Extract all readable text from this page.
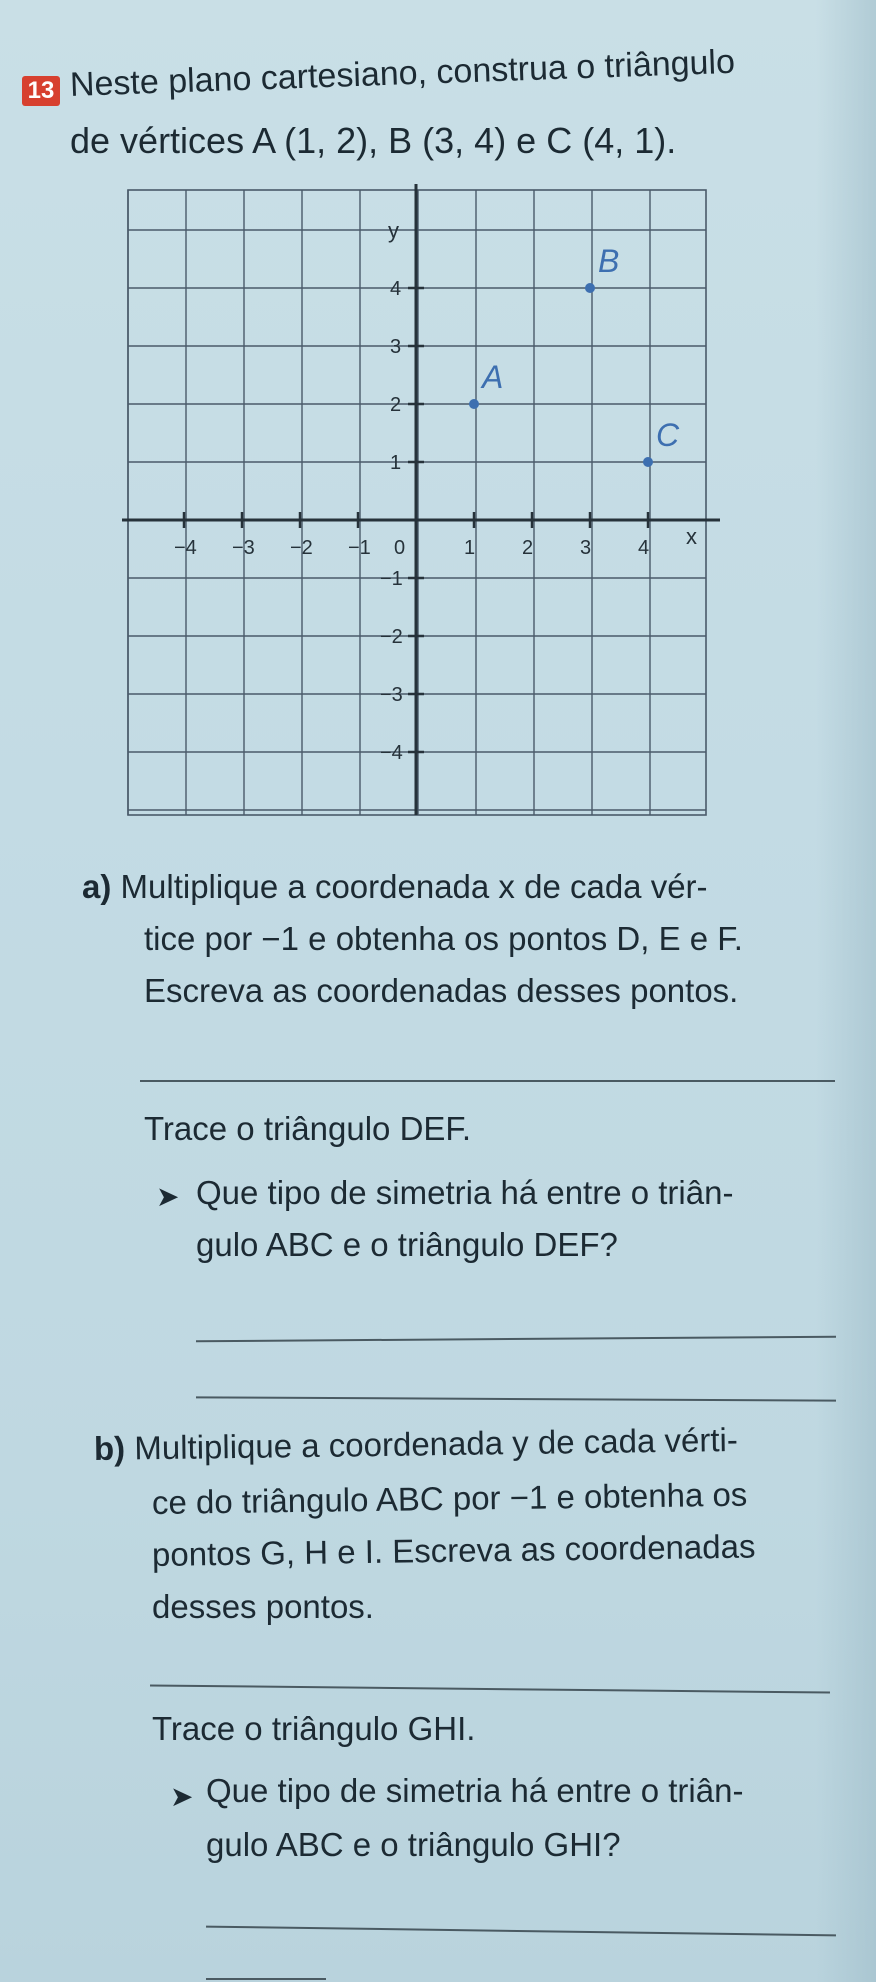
13 Neste plano cartesiano, construa o triângulo
de vértices A (1, 2), B (3, 4) e C (4, 1).
y
x
0
−4 −3 −2 −1	1 2 3 4
4
3
2
1
−1
−2
−3
−4
A
B
C
a) Multiplique a coordenada x de cada vér-
tice por −1 e obtenha os pontos D, E e F.
Escreva as coordenadas desses pontos.
Trace o triângulo DEF.
➤ Que tipo de simetria há entre o triân-
gulo ABC e o triângulo DEF?
b) Multiplique a coordenada y de cada vérti-
ce do triângulo ABC por −1 e obtenha os
pontos G, H e I. Escreva as coordenadas
desses pontos.
Trace o triângulo GHI.
➤ Que tipo de simetria há entre o triân-
gulo ABC e o triângulo GHI?
